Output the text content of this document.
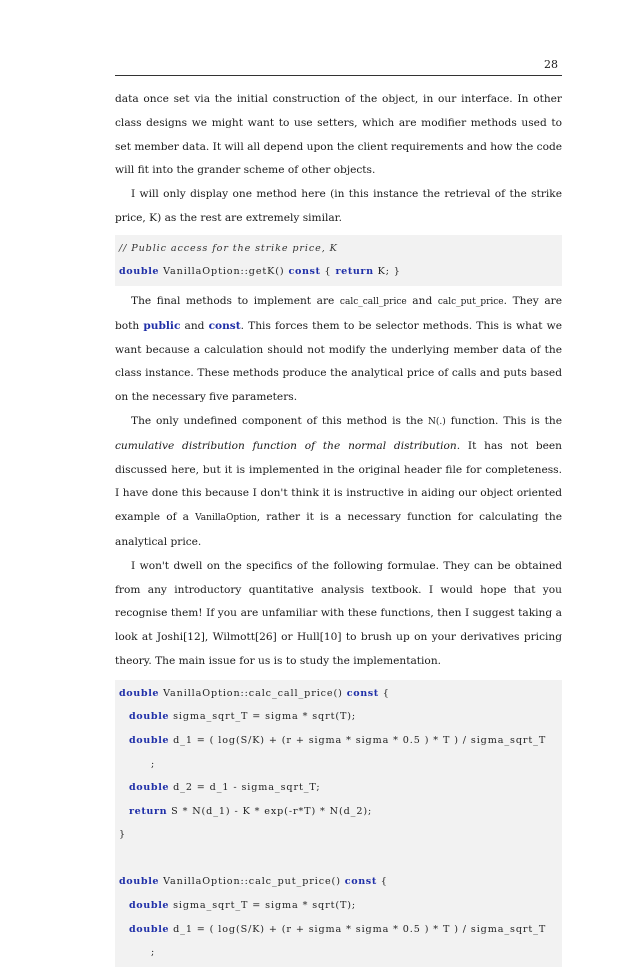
28

data once set via the initial construction of the object, in our interface. In other class designs we might want to use setters, which are modifier methods used to set member data. It will all depend upon the client requirements and how the code will fit into the grander scheme of other objects.

I will only display one method here (in this instance the retrieval of the strike price, K) as the rest are extremely similar.

// Public access for the strike price, K
double VanillaOption::getK() const { return K; }

The final methods to implement are calc_call_price and calc_put_price. They are both public and const. This forces them to be selector methods. This is what we want because a calculation should not modify the underlying member data of the class instance. These methods produce the analytical price of calls and puts based on the necessary five parameters.

The only undefined component of this method is the N(.) function. This is the cumulative distribution function of the normal distribution. It has not been discussed here, but it is implemented in the original header file for completeness. I have done this because I don't think it is instructive in aiding our object oriented example of a VanillaOption, rather it is a necessary function for calculating the analytical price.

I won't dwell on the specifics of the following formulae. They can be obtained from any introductory quantitative analysis textbook. I would hope that you recognise them! If you are unfamiliar with these functions, then I suggest taking a look at Joshi[12], Wilmott[26] or Hull[10] to brush up on your derivatives pricing theory. The main issue for us is to study the implementation.

double VanillaOption::calc_call_price() const {
double sigma_sqrt_T = sigma * sqrt(T);
double d_1 = ( log(S/K) + (r + sigma * sigma * 0.5 ) * T ) / sigma_sqrt_T
;
double d_2 = d_1 - sigma_sqrt_T;
return S * N(d_1) - K * exp(-r*T) * N(d_2);
}
double VanillaOption::calc_put_price() const {
double sigma_sqrt_T = sigma * sqrt(T);
double d_1 = ( log(S/K) + (r + sigma * sigma * 0.5 ) * T ) / sigma_sqrt_T
;
